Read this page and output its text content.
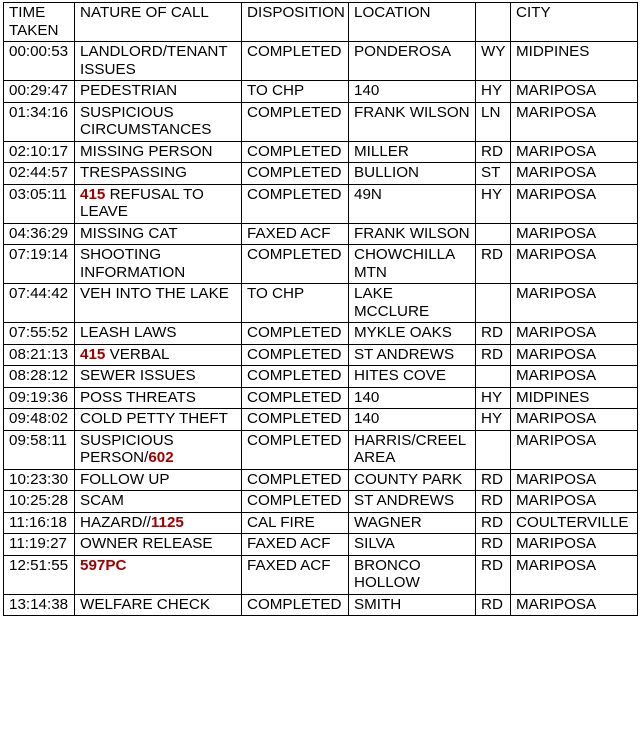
TIME
TAKEN	NATURE OF CALL	DISPOSITION	LOCATION		CITY
00:00:53	LANDLORD/TENANT ISSUES	COMPLETED	PONDEROSA	WY	MIDPINES
00:29:47	PEDESTRIAN	TO CHP	140	HY	MARIPOSA
01:34:16	SUSPICIOUS CIRCUMSTANCES	COMPLETED	FRANK WILSON	LN	MARIPOSA
02:10:17	MISSING PERSON	COMPLETED	MILLER	RD	MARIPOSA
02:44:57	TRESPASSING	COMPLETED	BULLION	ST	MARIPOSA
03:05:11	415 REFUSAL TO LEAVE	COMPLETED	49N	HY	MARIPOSA
04:36:29	MISSING CAT	FAXED ACF	FRANK WILSON		MARIPOSA
07:19:14	SHOOTING INFORMATION	COMPLETED	CHOWCHILLA MTN	RD	MARIPOSA
07:44:42	VEH INTO THE LAKE	TO CHP	LAKE MCCLURE		MARIPOSA
07:55:52	LEASH LAWS	COMPLETED	MYKLE OAKS	RD	MARIPOSA
08:21:13	415 VERBAL	COMPLETED	ST ANDREWS	RD	MARIPOSA
08:28:12	SEWER ISSUES	COMPLETED	HITES COVE		MARIPOSA
09:19:36	POSS THREATS	COMPLETED	140	HY	MIDPINES
09:48:02	COLD PETTY THEFT	COMPLETED	140	HY	MARIPOSA
09:58:11	SUSPICIOUS PERSON/602	COMPLETED	HARRIS/CREEL AREA		MARIPOSA
10:23:30	FOLLOW UP	COMPLETED	COUNTY PARK	RD	MARIPOSA
10:25:28	SCAM	COMPLETED	ST ANDREWS	RD	MARIPOSA
11:16:18	HAZARD//1125	CAL FIRE	WAGNER	RD	COULTERVILLE
11:19:27	OWNER RELEASE	FAXED ACF	SILVA	RD	MARIPOSA
12:51:55	597PC	FAXED ACF	BRONCO HOLLOW	RD	MARIPOSA
13:14:38	WELFARE CHECK	COMPLETED	SMITH	RD	MARIPOSA
